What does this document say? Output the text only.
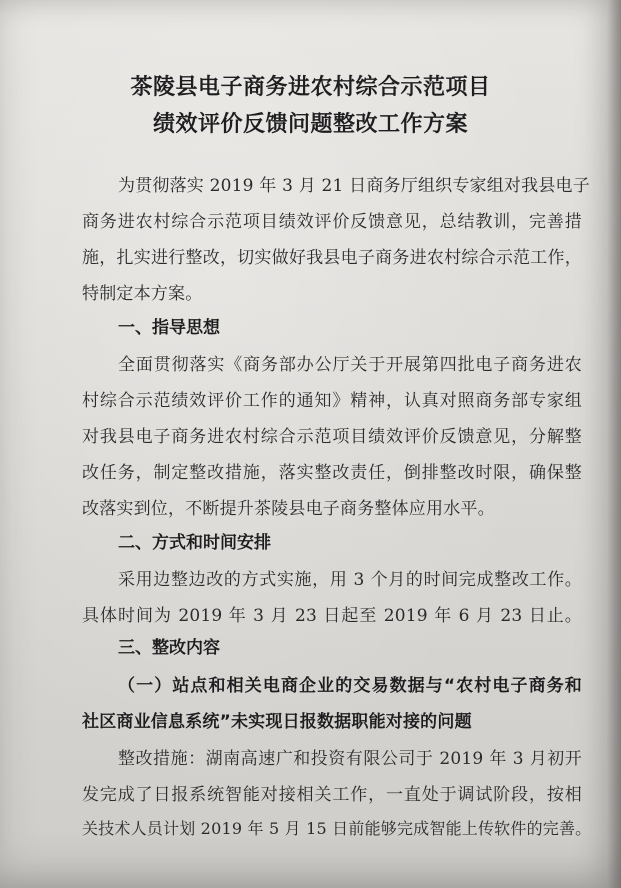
茶陵县电子商务进农村综合示范项目
绩效评价反馈问题整改工作方案
为贯彻落实 2019 年 3 月 21 日商务厅组织专家组对我县电子
商务进农村综合示范项目绩效评价反馈意见，总结教训，完善措
施，扎实进行整改，切实做好我县电子商务进农村综合示范工作，
特制定本方案。
一、指导思想
全面贯彻落实《商务部办公厅关于开展第四批电子商务进农
村综合示范绩效评价工作的通知》精神，认真对照商务部专家组
对我县电子商务进农村综合示范项目绩效评价反馈意见，分解整
改任务，制定整改措施，落实整改责任，倒排整改时限，确保整
改落实到位，不断提升茶陵县电子商务整体应用水平。
二、方式和时间安排
采用边整边改的方式实施，用 3 个月的时间完成整改工作。
具体时间为 2019 年 3 月 23 日起至 2019 年 6 月 23 日止。
三、整改内容
（一）站点和相关电商企业的交易数据与“农村电子商务和
社区商业信息系统”未实现日报数据职能对接的问题
整改措施：湖南高速广和投资有限公司于 2019 年 3 月初开
发完成了日报系统智能对接相关工作，一直处于调试阶段，按相
关技术人员计划 2019 年 5 月 15 日前能够完成智能上传软件的完善。
